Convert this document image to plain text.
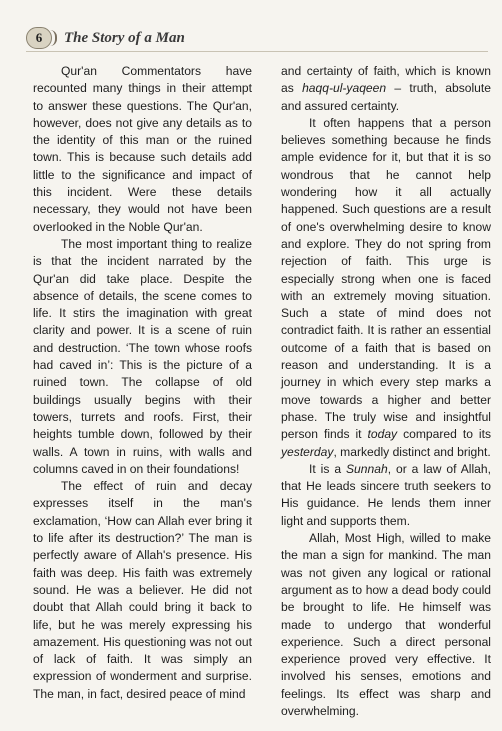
6	The Story of a Man

Qur'an Commentators have recounted many things in their attempt to answer these questions. The Qur'an, however, does not give any details as to the identity of this man or the ruined town. This is because such details add little to the significance and impact of this incident. Were these details necessary, they would not have been overlooked in the Noble Qur'an.

The most important thing to realize is that the incident narrated by the Qur'an did take place. Despite the absence of details, the scene comes to life. It stirs the imagination with great clarity and power. It is a scene of ruin and destruction. ‘The town whose roofs had caved in’: This is the picture of a ruined town. The collapse of old buildings usually begins with their towers, turrets and roofs. First, their heights tumble down, followed by their walls. A town in ruins, with walls and columns caved in on their foundations!

The effect of ruin and decay expresses itself in the man's exclamation, ‘How can Allah ever bring it to life after its destruction?’ The man is perfectly aware of Allah's presence. His faith was deep. His faith was extremely sound. He was a believer. He did not doubt that Allah could bring it back to life, but he was merely expressing his amazement. His questioning was not out of lack of faith. It was simply an expression of wonderment and surprise. The man, in fact, desired peace of mind

and certainty of faith, which is known as haqq-ul-yaqeen – truth, absolute and assured certainty.

It often happens that a person believes something because he finds ample evidence for it, but that it is so wondrous that he cannot help wondering how it all actually happened. Such questions are a result of one's overwhelming desire to know and explore. They do not spring from rejection of faith. This urge is especially strong when one is faced with an extremely moving situation. Such a state of mind does not contradict faith. It is rather an essential outcome of a faith that is based on reason and understanding. It is a journey in which every step marks a move towards a higher and better phase. The truly wise and insightful person finds it today compared to its yesterday, markedly distinct and bright.

It is a Sunnah, or a law of Allah, that He leads sincere truth seekers to His guidance. He lends them inner light and supports them.

Allah, Most High, willed to make the man a sign for mankind. The man was not given any logical or rational argument as to how a dead body could be brought to life. He himself was made to undergo that wonderful experience. Such a direct personal experience proved very effective. It involved his senses, emotions and feelings. Its effect was sharp and overwhelming.
